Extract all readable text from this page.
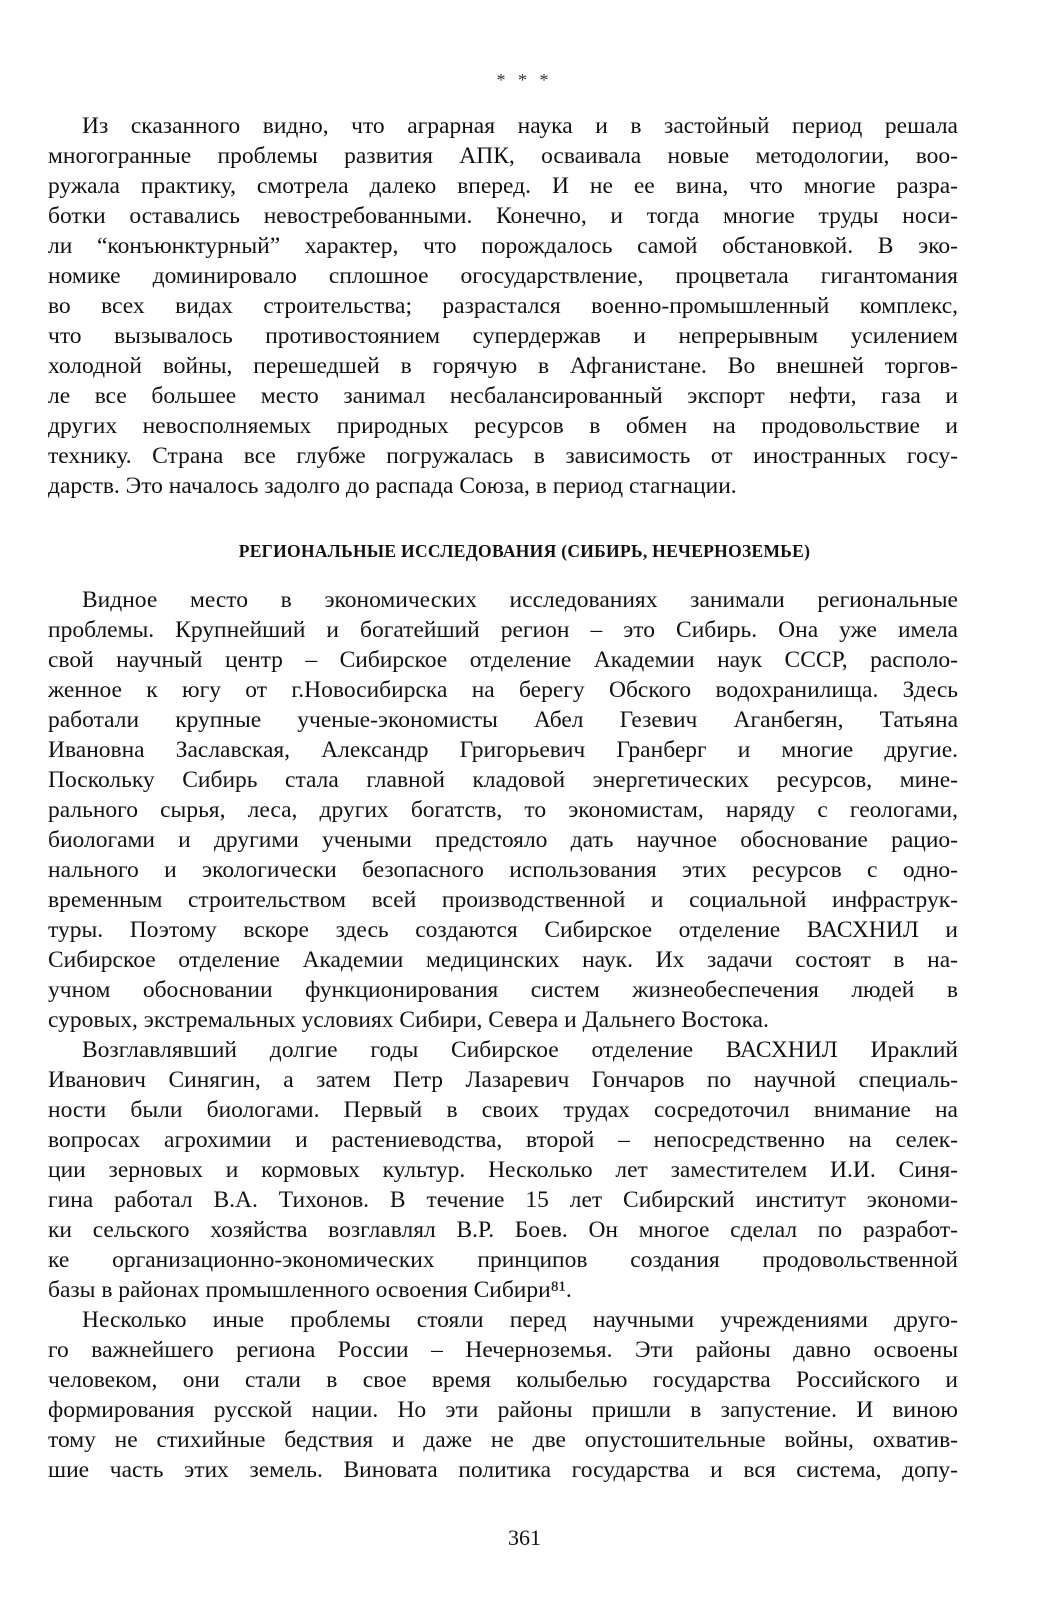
* * *
Из сказанного видно, что аграрная наука и в застойный период решала
многогранные проблемы развития АПК, осваивала новые методологии, воо-
ружала практику, смотрела далеко вперед. И не ее вина, что многие разра-
ботки оставались невостребованными. Конечно, и тогда многие труды носи-
ли “конъюнктурный” характер, что порождалось самой обстановкой. В эко-
номике доминировало сплошное огосударствление, процветала гигантомания
во всех видах строительства; разрастался военно-промышленный комплекс,
что вызывалось противостоянием супердержав и непрерывным усилением
холодной войны, перешедшей в горячую в Афганистане. Во внешней торгов-
ле все большее место занимал несбалансированный экспорт нефти, газа и
других невосполняемых природных ресурсов в обмен на продовольствие и
технику. Страна все глубже погружалась в зависимость от иностранных госу-
дарств. Это началось задолго до распада Союза, в период стагнации.
РЕГИОНАЛЬНЫЕ ИССЛЕДОВАНИЯ (СИБИРЬ, НЕЧЕРНОЗЕМЬЕ)
Видное место в экономических исследованиях занимали региональные
проблемы. Крупнейший и богатейший регион – это Сибирь. Она уже имела
свой научный центр – Сибирское отделение Академии наук СССР, располо-
женное к югу от г.Новосибирска на берегу Обского водохранилища. Здесь
работали крупные ученые-экономисты Абел Гезевич Аганбегян, Татьяна
Ивановна Заславская, Александр Григорьевич Гранберг и многие другие.
Поскольку Сибирь стала главной кладовой энергетических ресурсов, мине-
рального сырья, леса, других богатств, то экономистам, наряду с геологами,
биологами и другими учеными предстояло дать научное обоснование рацио-
нального и экологически безопасного использования этих ресурсов с одно-
временным строительством всей производственной и социальной инфраструк-
туры. Поэтому вскоре здесь создаются Сибирское отделение ВАСХНИЛ и
Сибирское отделение Академии медицинских наук. Их задачи состоят в на-
учном обосновании функционирования систем жизнеобеспечения людей в
суровых, экстремальных условиях Сибири, Севера и Дальнего Востока.
Возглавлявший долгие годы Сибирское отделение ВАСХНИЛ Ираклий
Иванович Синягин, а затем Петр Лазаревич Гончаров по научной специаль-
ности были биологами. Первый в своих трудах сосредоточил внимание на
вопросах агрохимии и растениеводства, второй – непосредственно на селек-
ции зерновых и кормовых культур. Несколько лет заместителем И.И. Синя-
гина работал В.А. Тихонов. В течение 15 лет Сибирский институт экономи-
ки сельского хозяйства возглавлял В.Р. Боев. Он многое сделал по разработ-
ке организационно-экономических принципов создания продовольственной
базы в районах промышленного освоения Сибири⁸¹.
Несколько иные проблемы стояли перед научными учреждениями друго-
го важнейшего региона России – Нечерноземья. Эти районы давно освоены
человеком, они стали в свое время колыбелью государства Российского и
формирования русской нации. Но эти районы пришли в запустение. И виною
тому не стихийные бедствия и даже не две опустошительные войны, охватив-
шие часть этих земель. Виновата политика государства и вся система, допу-
361
